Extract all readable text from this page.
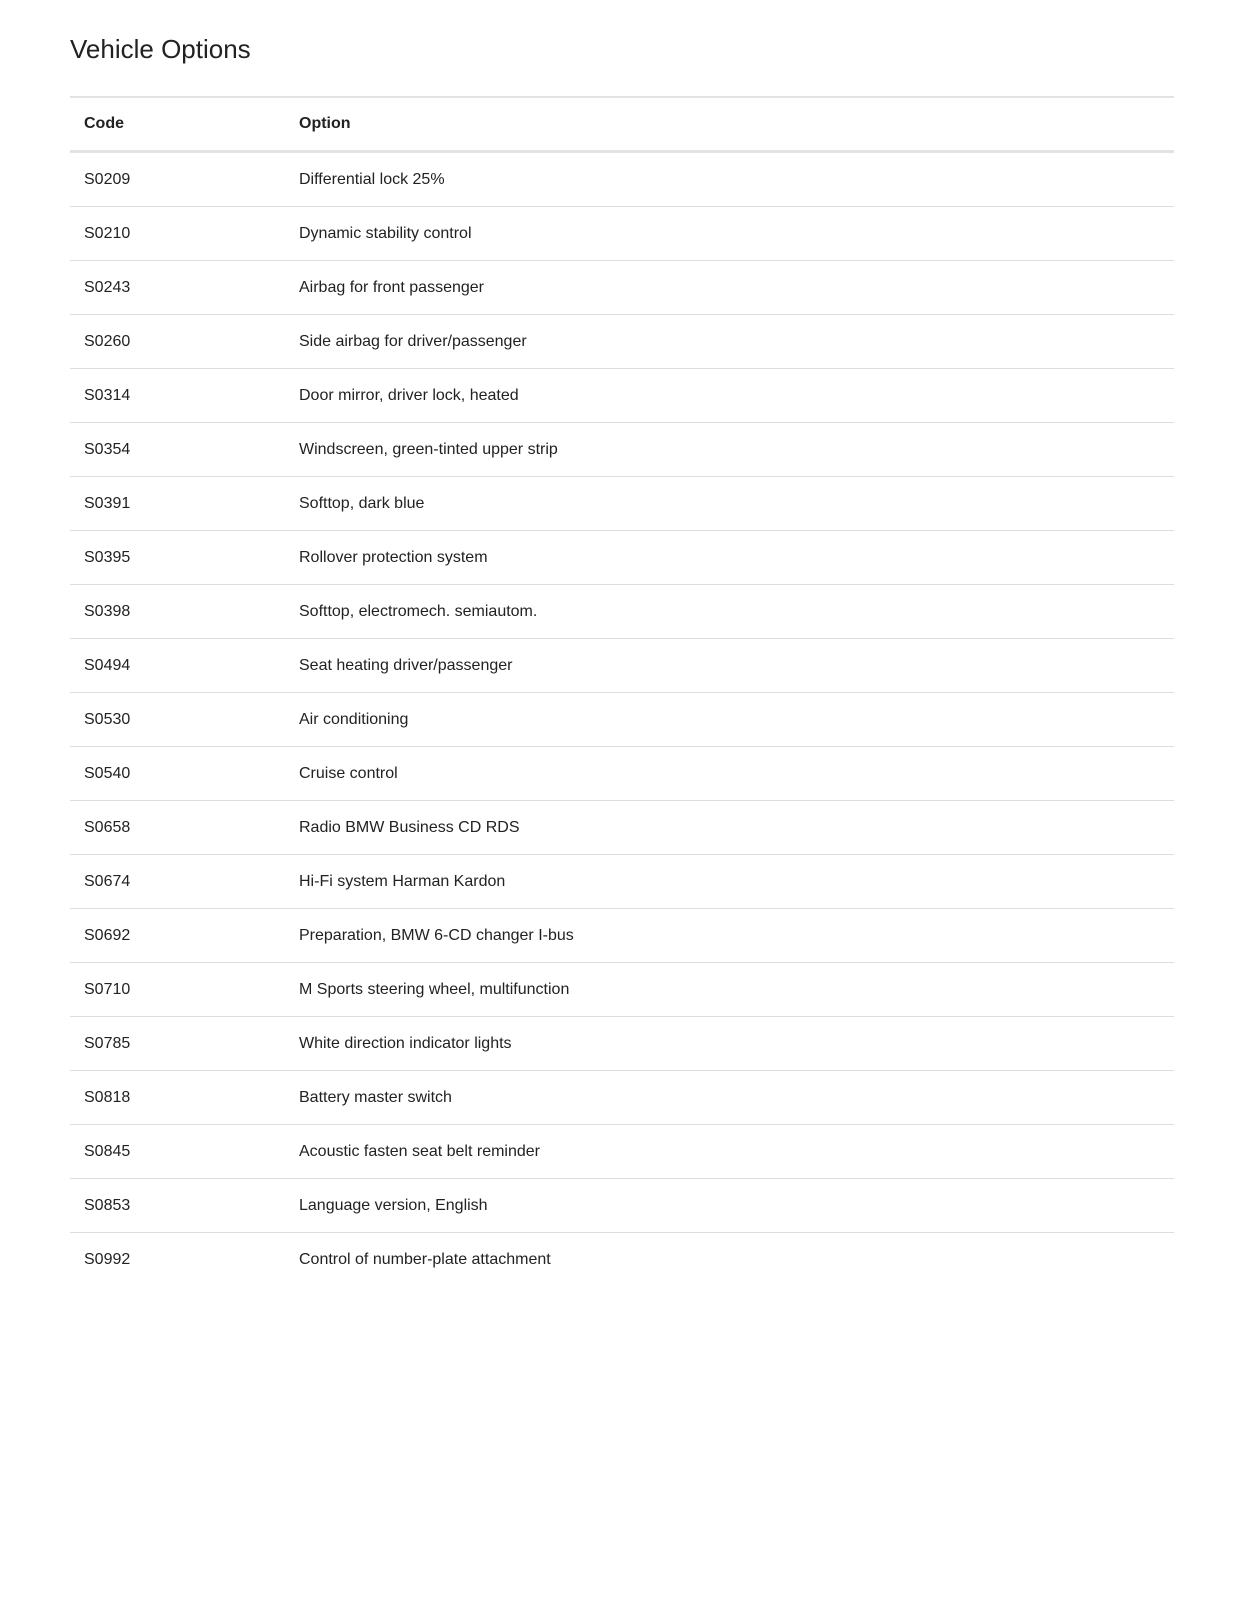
Vehicle Options
Code	Option
S0209	Differential lock 25%
S0210	Dynamic stability control
S0243	Airbag for front passenger
S0260	Side airbag for driver/passenger
S0314	Door mirror, driver lock, heated
S0354	Windscreen, green-tinted upper strip
S0391	Softtop, dark blue
S0395	Rollover protection system
S0398	Softtop, electromech. semiautom.
S0494	Seat heating driver/passenger
S0530	Air conditioning
S0540	Cruise control
S0658	Radio BMW Business CD RDS
S0674	Hi-Fi system Harman Kardon
S0692	Preparation, BMW 6-CD changer I-bus
S0710	M Sports steering wheel, multifunction
S0785	White direction indicator lights
S0818	Battery master switch
S0845	Acoustic fasten seat belt reminder
S0853	Language version, English
S0992	Control of number-plate attachment
